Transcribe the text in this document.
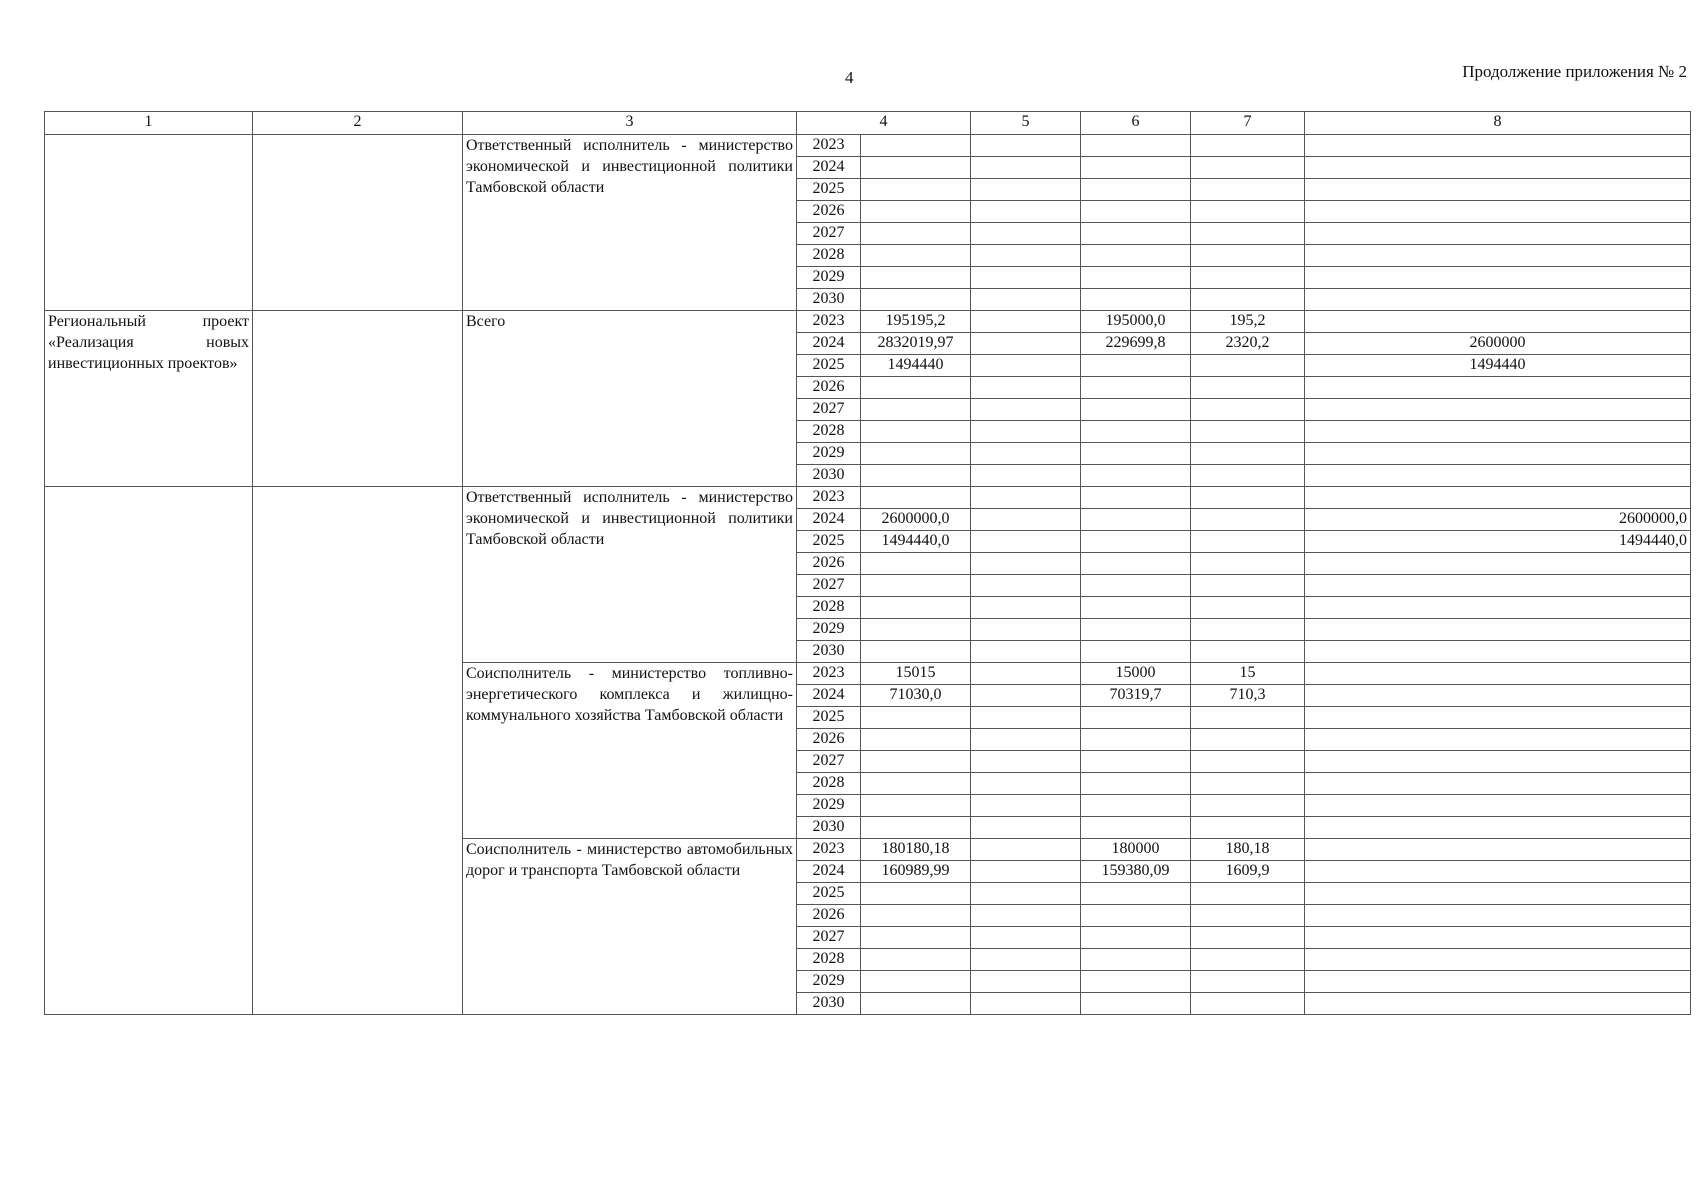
4	Продолжение приложения № 2
1	2	3	4		5	6	7	8
		Ответственный исполнитель - министерство экономической и инвестиционной политики Тамбовской области	2023					
			2024					
			2025					
			2026					
			2027					
			2028					
			2029					
			2030					
Региональный проект «Реализация новых инвестиционных проектов»		Всего	2023	195195,2		195000,0	195,2	
			2024	2832019,97		229699,8	2320,2	2600000
			2025	1494440				1494440
			2026					
			2027					
			2028					
			2029					
			2030					
		Ответственный исполнитель - министерство экономической и инвестиционной политики Тамбовской области	2023					
			2024	2600000,0				2600000,0
			2025	1494440,0				1494440,0
			2026					
			2027					
			2028					
			2029					
			2030					
		Соисполнитель - министерство топливно-энергетического комплекса и жилищно-коммунального хозяйства Тамбовской области	2023	15015		15000	15	
			2024	71030,0		70319,7	710,3	
			2025					
			2026					
			2027					
			2028					
			2029					
			2030					
		Соисполнитель - министерство автомобильных дорог и транспорта Тамбовской области	2023	180180,18		180000	180,18	
			2024	160989,99		159380,09	1609,9	
			2025					
			2026					
			2027					
			2028					
			2029					
			2030					
